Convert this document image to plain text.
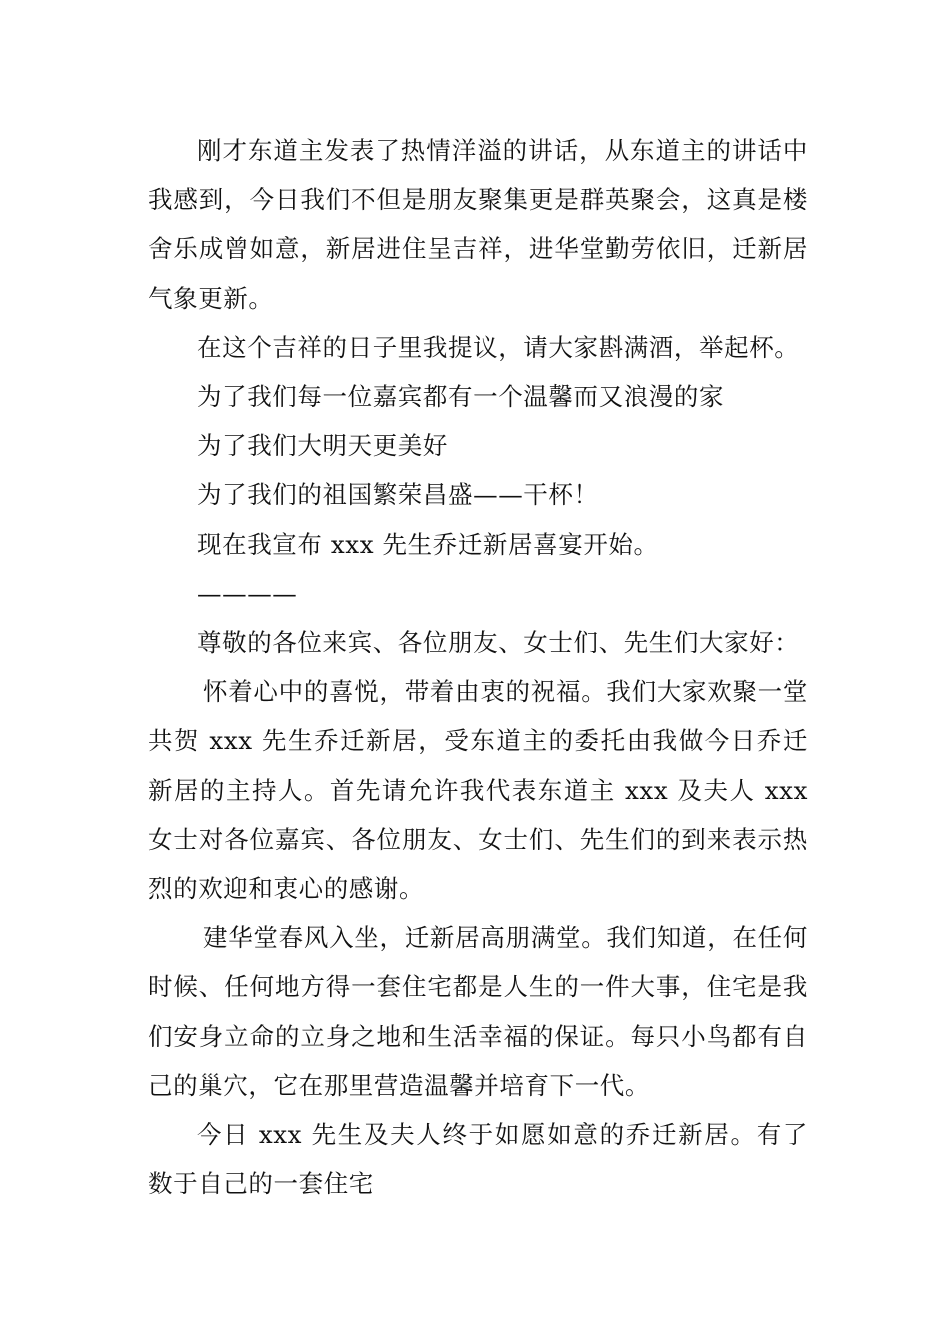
刚才东道主发表了热情洋溢的讲话，从东道主的讲话中我感到，今日我们不但是朋友聚集更是群英聚会，这真是楼舍乐成曾如意，新居进住呈吉祥，进华堂勤劳依旧，迁新居气象更新。

在这个吉祥的日子里我提议，请大家斟满酒，举起杯。

为了我们每一位嘉宾都有一个温馨而又浪漫的家

为了我们大明天更美好

为了我们的祖国繁荣昌盛——干杯！

现在我宣布 xxx 先生乔迁新居喜宴开始。

————

尊敬的各位来宾、各位朋友、女士们、先生们大家好：

怀着心中的喜悦，带着由衷的祝福。我们大家欢聚一堂共贺 xxx 先生乔迁新居，受东道主的委托由我做今日乔迁新居的主持人。首先请允许我代表东道主 xxx 及夫人 xxx 女士对各位嘉宾、各位朋友、女士们、先生们的到来表示热烈的欢迎和衷心的感谢。

建华堂春风入坐，迁新居高朋满堂。我们知道，在任何时候、任何地方得一套住宅都是人生的一件大事，住宅是我们安身立命的立身之地和生活幸福的保证。每只小鸟都有自己的巢穴，它在那里营造温馨并培育下一代。

今日 xxx 先生及夫人终于如愿如意的乔迁新居。有了数于自己的一套住宅
